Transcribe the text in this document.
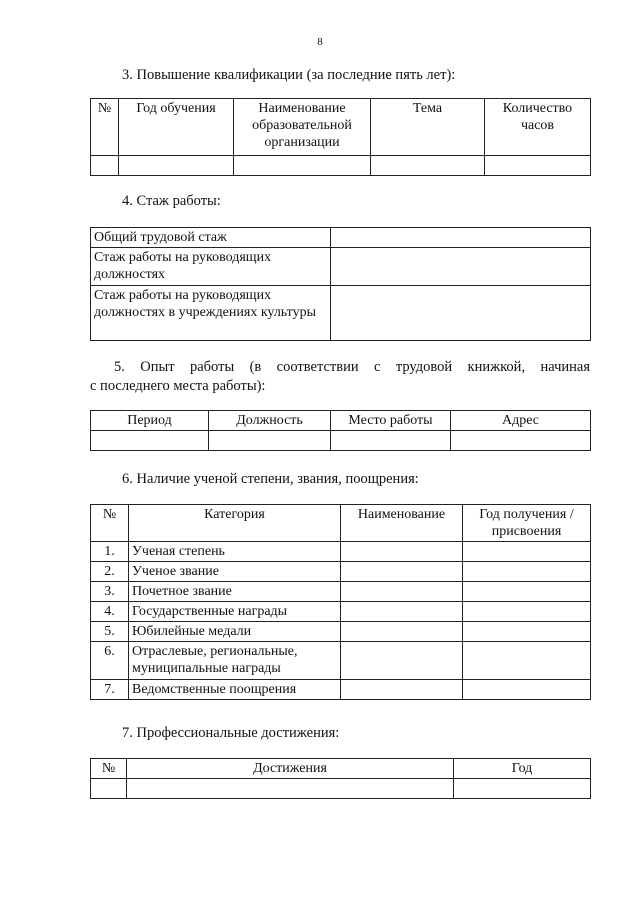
8
3. Повышение квалификации (за последние пять лет):
№	Год обучения	Наименование образовательной организации	Тема	Количество часов

4. Стаж работы:
Общий трудовой стаж	
Стаж работы на руководящих должностях	
Стаж работы на руководящих должностях в учреждениях культуры	
5. Опыт работы (в соответствии с трудовой книжкой, начиная
с последнего места работы):
Период	Должность	Место работы	Адрес

6. Наличие ученой степени, звания, поощрения:
№	Категория	Наименование	Год получения /присвоения
1.	Ученая степень		
2.	Ученое звание		
3.	Почетное звание		
4.	Государственные награды		
5.	Юбилейные медали		
6.	Отраслевые, региональные, муниципальные награды		
7.	Ведомственные поощрения		
7. Профессиональные достижения:
№	Достижения	Год
